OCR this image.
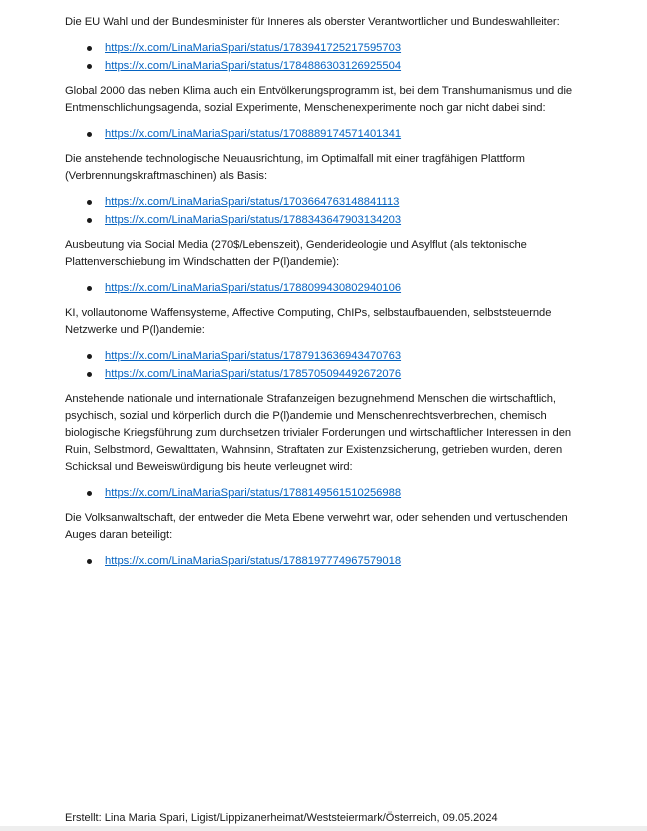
Die EU Wahl und der Bundesminister für Inneres als oberster Verantwortlicher und Bundeswahlleiter:

https://x.com/LinaMariaSpari/status/1783941725217595703
https://x.com/LinaMariaSpari/status/1784886303126925504

Global 2000 das neben Klima auch ein Entvölkerungsprogramm ist, bei dem Transhumanismus und die Entmenschlichungsagenda, sozial Experimente, Menschenexperimente noch gar nicht dabei sind:

https://x.com/LinaMariaSpari/status/1708889174571401341

Die anstehende technologische Neuausrichtung, im Optimalfall mit einer tragfähigen Plattform (Verbrennungskraftmaschinen) als Basis:

https://x.com/LinaMariaSpari/status/1703664763148841113
https://x.com/LinaMariaSpari/status/1788343647903134203

Ausbeutung via Social Media (270$/Lebenszeit), Genderideologie und Asylflut (als tektonische Plattenverschiebung im Windschatten der P(l)andemie):

https://x.com/LinaMariaSpari/status/1788099430802940106

KI, vollautonome Waffensysteme, Affective Computing, ChIPs, selbstaufbauenden, selbststeuernde Netzwerke und P(l)andemie:

https://x.com/LinaMariaSpari/status/1787913636943470763
https://x.com/LinaMariaSpari/status/1785705094492672076

Anstehende nationale und internationale Strafanzeigen bezugnehmend Menschen die wirtschaftlich, psychisch, sozial und körperlich durch die P(l)andemie und Menschenrechtsverbrechen, chemisch biologische Kriegsführung zum durchsetzen trivialer Forderungen und wirtschaftlicher Interessen in den Ruin, Selbstmord, Gewalttaten, Wahnsinn, Straftaten zur Existenzsicherung, getrieben wurden, deren Schicksal und Beweiswürdigung bis heute verleugnet wird:

https://x.com/LinaMariaSpari/status/1788149561510256988

Die Volksanwaltschaft, der entweder die Meta Ebene verwehrt war, oder sehenden und vertuschenden Auges daran beteiligt:

https://x.com/LinaMariaSpari/status/1788197774967579018
Erstellt: Lina Maria Spari, Ligist/Lippizanerheimat/Weststeiermark/Österreich, 09.05.2024
